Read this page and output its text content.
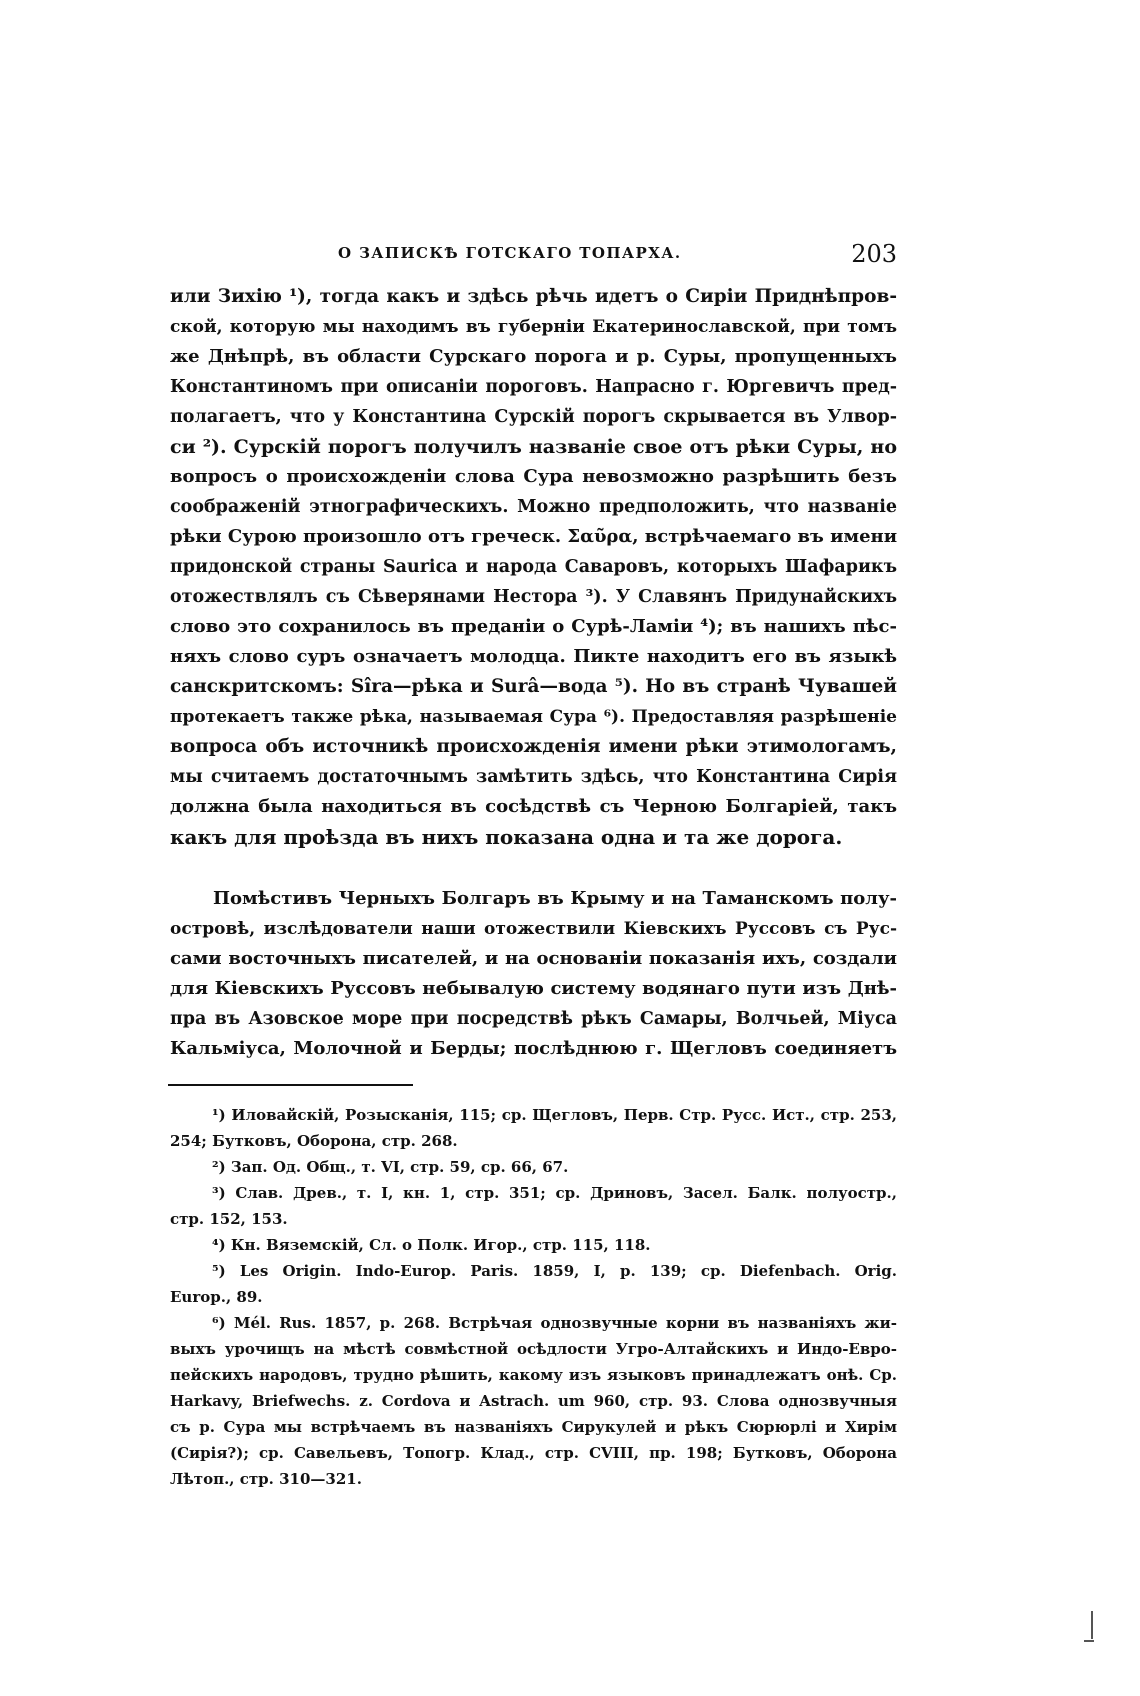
О ЗАПИСКѢ ГОТСКАГО ТОПАРХА.	203
или Зихію ¹), тогда какъ и здѣсь рѣчь идетъ о Сиріи Приднѣпров-
ской, которую мы находимъ въ губерніи Екатеринославской, при томъ
же Днѣпрѣ, въ области Сурскаго порога и р. Суры, пропущенныхъ
Константиномъ при описаніи пороговъ. Напрасно г. Юргевичъ пред-
полагаетъ, что у Константина Сурскій порогъ скрывается въ Улвор-
си ²). Сурскій порогъ получилъ названіе свое отъ рѣки Суры, но
вопросъ о происхожденіи слова Сура невозможно разрѣшить безъ
соображеній этнографическихъ. Можно предположить, что названіе
рѣки Сурою произошло отъ греческ. Σαῦρα, встрѣчаемаго въ имени
придонской страны Saurica и народа Саваровъ, которыхъ Шафарикъ
отожествлялъ съ Сѣверянами Нестора ³). У Славянъ Придунайскихъ
слово это сохранилось въ преданіи о Сурѣ-Ламіи ⁴); въ нашихъ пѣс-
няхъ слово суръ означаетъ молодца. Пикте находитъ его въ языкѣ
санскритскомъ: Sîra—рѣка и Surâ—вода ⁵). Но въ странѣ Чувашей
протекаетъ также рѣка, называемая Сура ⁶). Предоставляя разрѣшеніе
вопроса объ источникѣ происхожденія имени рѣки этимологамъ,
мы считаемъ достаточнымъ замѣтить здѣсь, что Константина Сирія
должна была находиться въ сосѣдствѣ съ Черною Болгаріей, такъ
какъ для проѣзда въ нихъ показана одна и та же дорога.
Помѣстивъ Черныхъ Болгаръ въ Крыму и на Таманскомъ полу-
островѣ, изслѣдователи наши отожествили Кіевскихъ Руссовъ съ Рус-
сами восточныхъ писателей, и на основаніи показанія ихъ, создали
для Кіевскихъ Руссовъ небывалую систему водянаго пути изъ Днѣ-
пра въ Азовское море при посредствѣ рѣкъ Самары, Волчьей, Міуса
Кальміуса, Молочной и Берды; послѣднюю г. Щегловъ соединяетъ
¹) Иловайскій, Розысканія, 115; ср. Щегловъ, Перв. Стр. Русс. Ист., стр. 253,
254; Бутковъ, Оборона, стр. 268.
²) Зап. Од. Общ., т. VI, стр. 59, ср. 66, 67.
³) Слав. Древ., т. I, кн. 1, стр. 351; ср. Дриновъ, Засел. Балк. полуостр.,
стр. 152, 153.
⁴) Кн. Вяземскій, Сл. о Полк. Игор., стр. 115, 118.
⁵) Les Origin. Indo-Europ. Paris. 1859, I, p. 139; ср. Diefenbach. Orig.
Europ., 89.
⁶) Mél. Rus. 1857, p. 268. Встрѣчая однозвучные корни въ названіяхъ жи-
выхъ урочищъ на мѣстѣ совмѣстной осѣдлости Угро-Алтайскихъ и Индо-Евро-
пейскихъ народовъ, трудно рѣшить, какому изъ языковъ принадлежатъ онѣ. Ср.
Harkavy, Briefwechs. z. Cordova и Astrach. um 960, стр. 93. Слова однозвучныя
съ р. Сура мы встрѣчаемъ въ названіяхъ Сирукулей и рѣкъ Сюрюрлі и Хирім
(Сирія?); ср. Савельевъ, Топогр. Клад., стр. CVIII, пр. 198; Бутковъ, Оборона
Лѣтоп., стр. 310—321.
